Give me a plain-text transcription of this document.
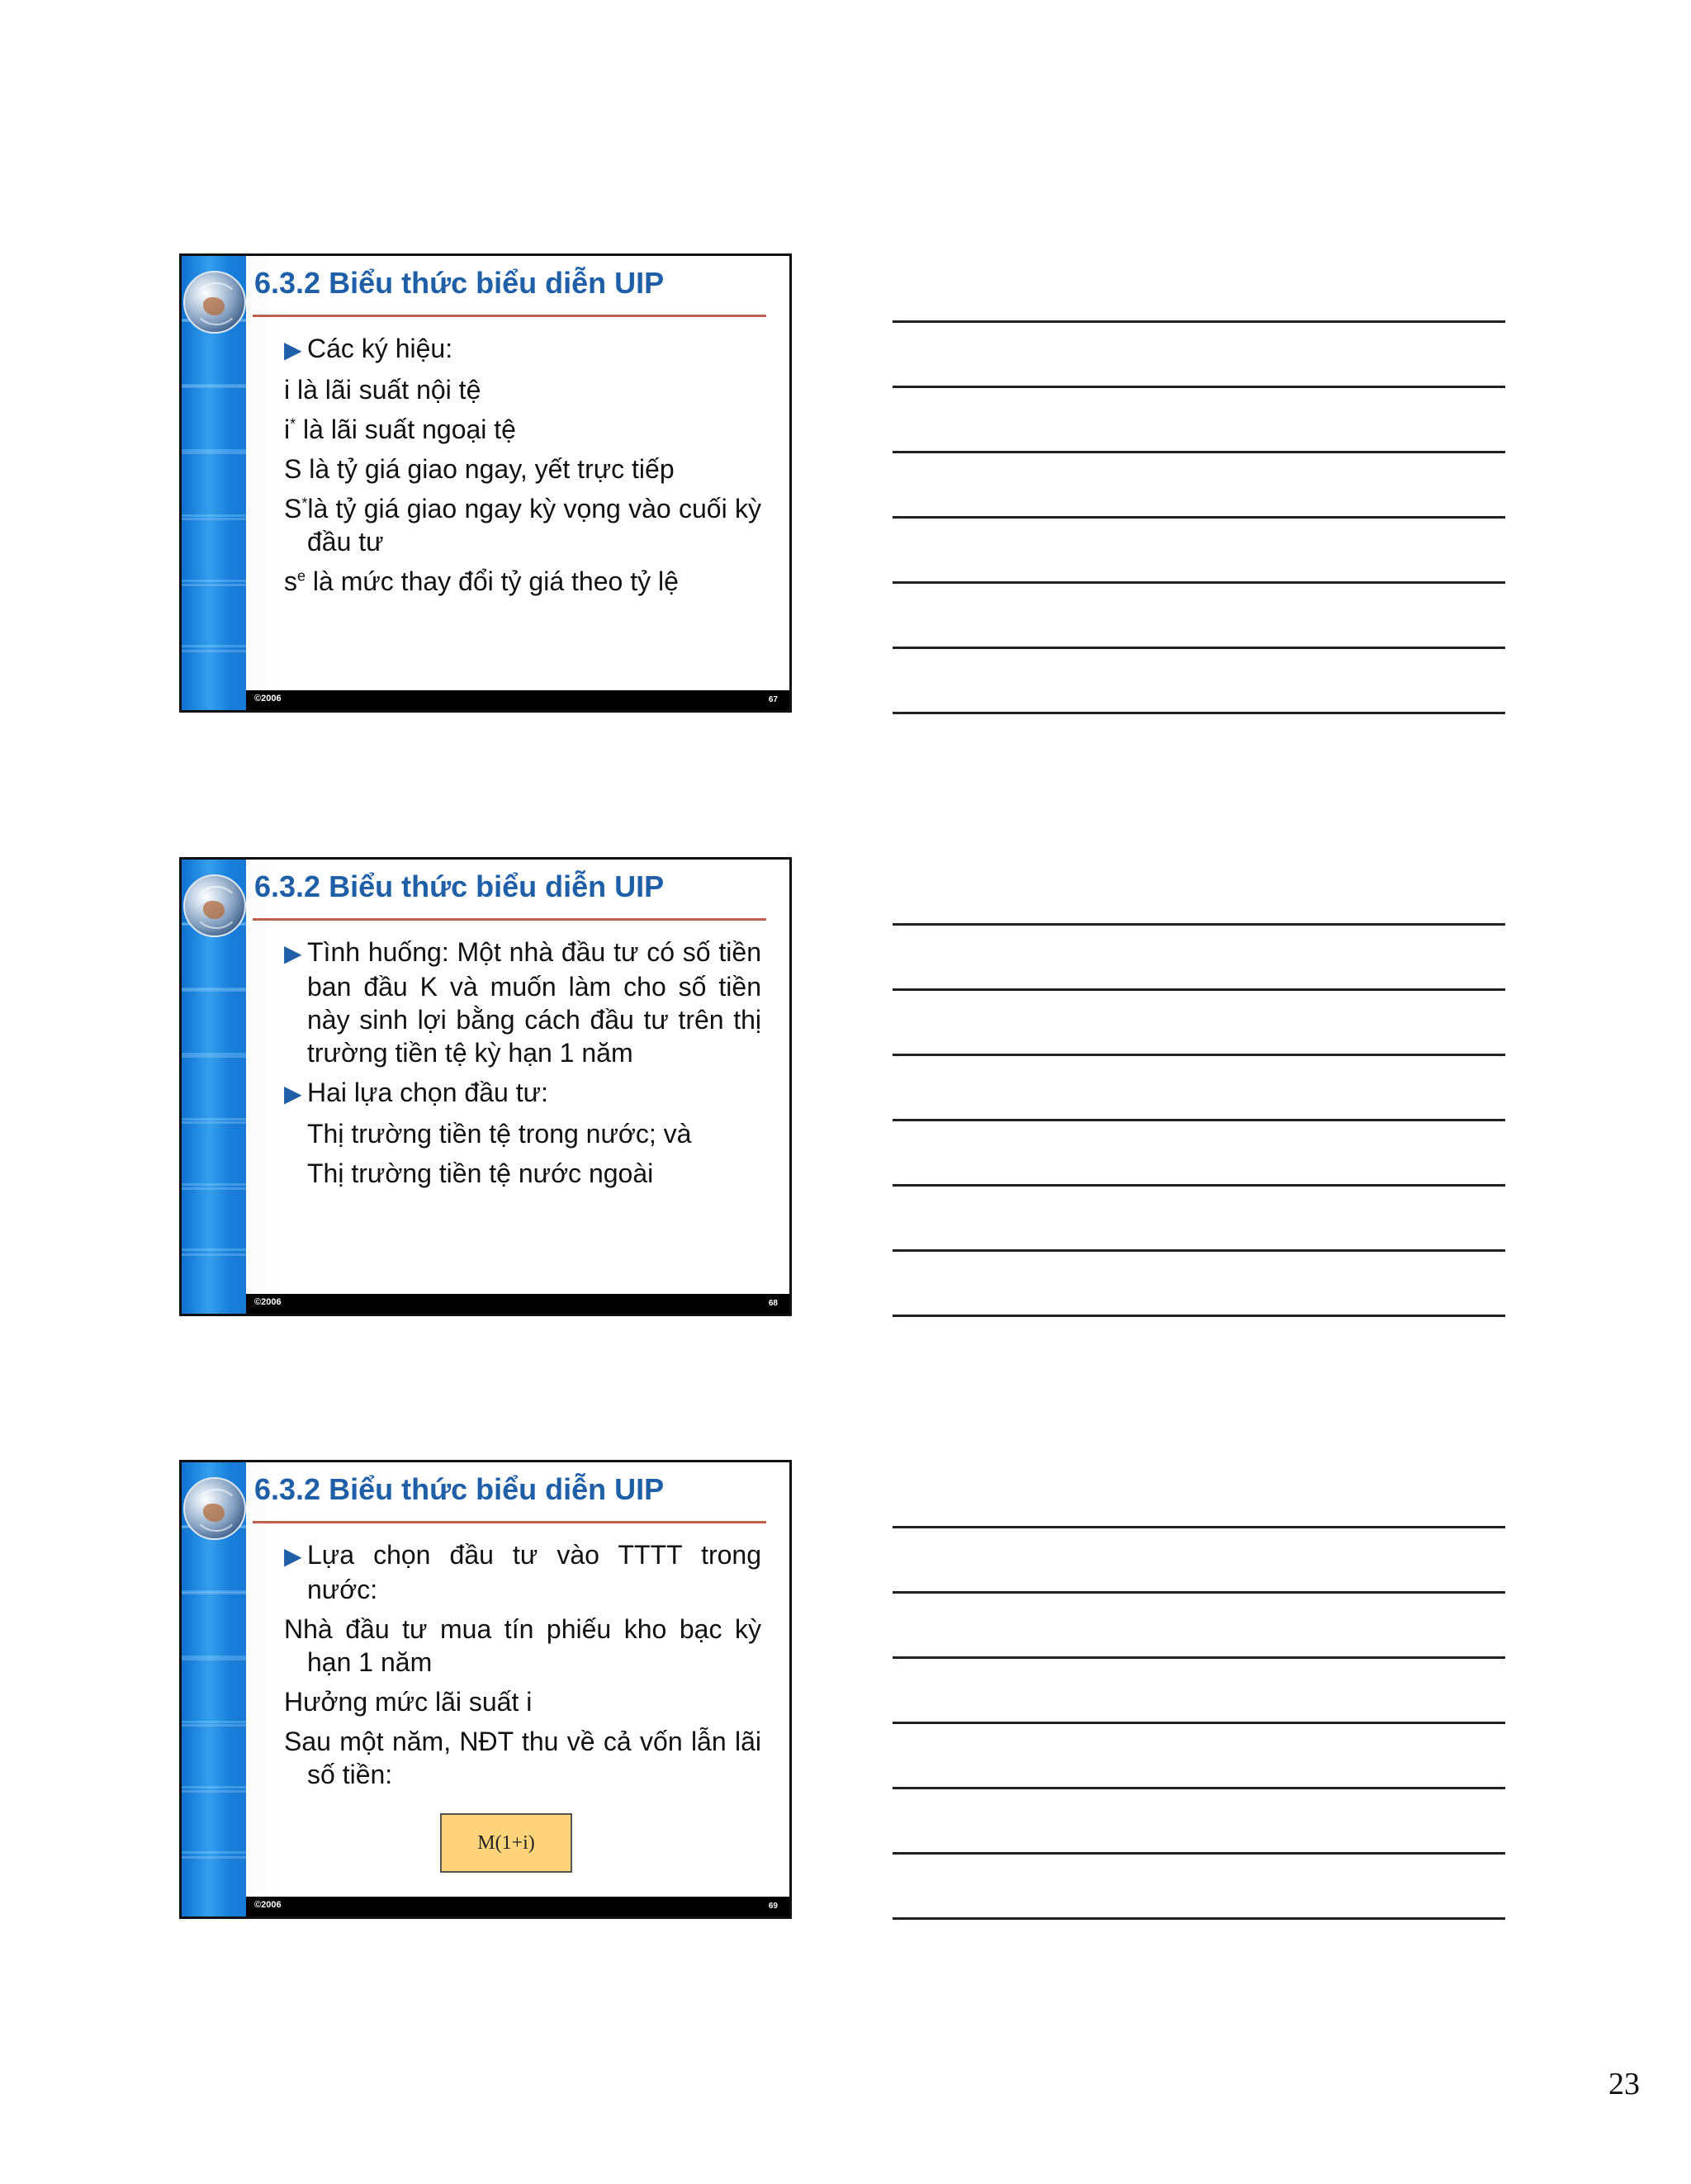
6.3.2 Biểu thức biểu diễn UIP

▶ Các ký hiệu:

i là lãi suất nội tệ

i* là lãi suất ngoại tệ

S là tỷ giá giao ngay, yết trực tiếp

S*là tỷ giá giao ngay kỳ vọng vào cuối kỳ đầu tư

$s^e$ là mức thay đổi tỷ giá theo tỷ lệ

©2006	67
6.3.2 Biểu thức biểu diễn UIP

▶ Tình huống: Một nhà đầu tư có số tiền ban đầu K và muốn làm cho số tiền này sinh lợi bằng cách đầu tư trên thị trường tiền tệ kỳ hạn 1 năm

▶ Hai lựa chọn đầu tư:

Thị trường tiền tệ trong nước; và

Thị trường tiền tệ nước ngoài

©2006	68
6.3.2 Biểu thức biểu diễn UIP

▶ Lựa chọn đầu tư vào TTTT trong nước:

Nhà đầu tư mua tín phiếu kho bạc kỳ hạn 1 năm

Hưởng mức lãi suất i

Sau một năm, NĐT thu về cả vốn lẫn lãi số tiền:

M(1+i)
©2006	69
23
